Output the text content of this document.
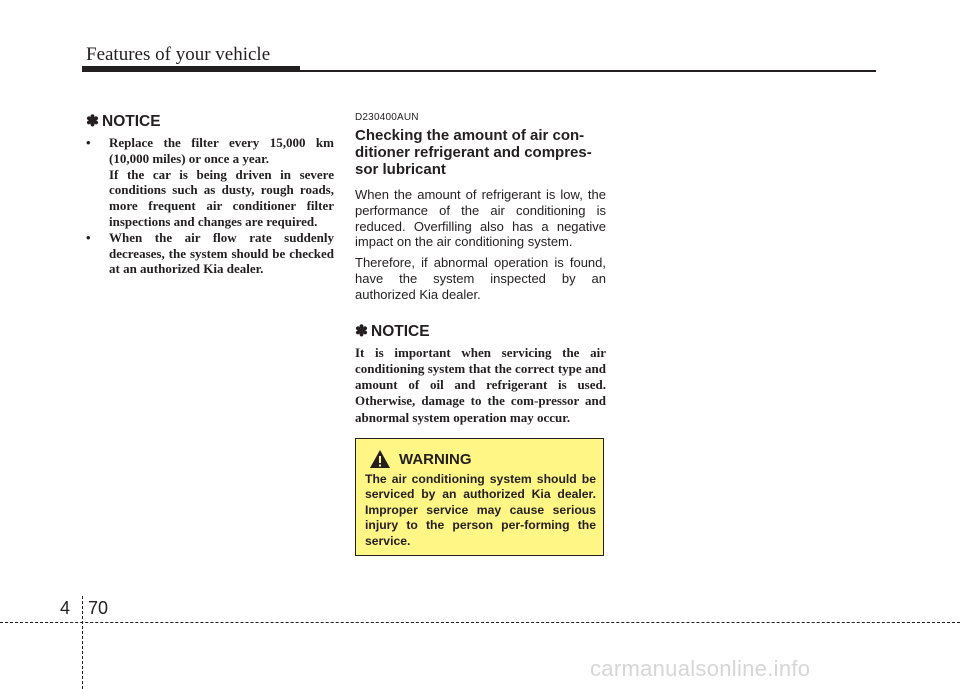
Features of your vehicle
✽ NOTICE
• Replace the filter every 15,000 km (10,000 miles) or once a year.

If the car is being driven in severe conditions such as dusty, rough roads, more frequent air conditioner filter inspections and changes are required.

• When the air flow rate suddenly decreases, the system should be checked at an authorized Kia dealer.

D230400AUN
Checking the amount of air con-ditioner refrigerant and compres-sor lubricant

When the amount of refrigerant is low, the performance of the air conditioning is reduced. Overfilling also has a negative impact on the air conditioning system.

Therefore, if abnormal operation is found, have the system inspected by an authorized Kia dealer.

✽ NOTICE

It is important when servicing the air conditioning system that the correct type and amount of oil and refrigerant is used. Otherwise, damage to the com-pressor and abnormal system operation may occur.

WARNING

The air conditioning system should be serviced by an authorized Kia dealer. Improper service may cause serious injury to the person per-forming the service.

4 70
carmanualsonline.info
